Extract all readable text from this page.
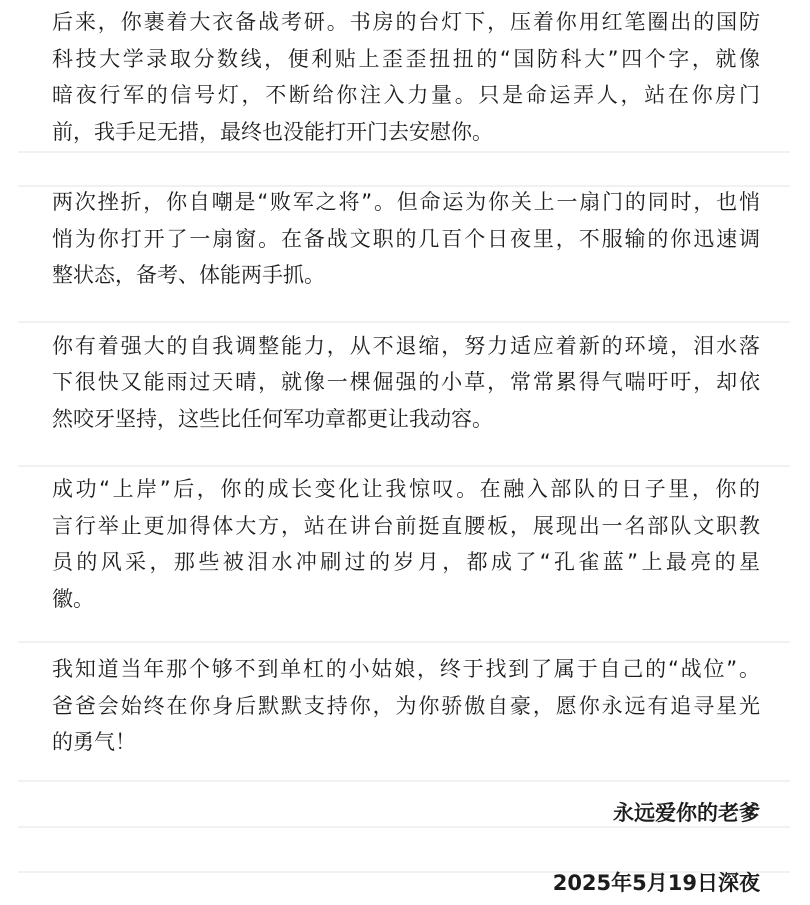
后来，你裹着大衣备战考研。书房的台灯下，压着你用红笔圈出的国防
科技大学录取分数线，便利贴上歪歪扭扭的“国防科大”四个字，就像
暗夜行军的信号灯，不断给你注入力量。只是命运弄人，站在你房门
前，我手足无措，最终也没能打开门去安慰你。
两次挫折，你自嘲是“败军之将”。但命运为你关上一扇门的同时，也悄
悄为你打开了一扇窗。在备战文职的几百个日夜里，不服输的你迅速调
整状态，备考、体能两手抓。
你有着强大的自我调整能力，从不退缩，努力适应着新的环境，泪水落
下很快又能雨过天晴，就像一棵倔强的小草，常常累得气喘吁吁，却依
然咬牙坚持，这些比任何军功章都更让我动容。
成功“上岸”后，你的成长变化让我惊叹。在融入部队的日子里，你的
言行举止更加得体大方，站在讲台前挺直腰板，展现出一名部队文职教
员的风采，那些被泪水冲刷过的岁月，都成了“孔雀蓝”上最亮的星
徽。
我知道当年那个够不到单杠的小姑娘，终于找到了属于自己的“战位”。
爸爸会始终在你身后默默支持你，为你骄傲自豪，愿你永远有追寻星光
的勇气！
永远爱你的老爹
2025年5月19日深夜
